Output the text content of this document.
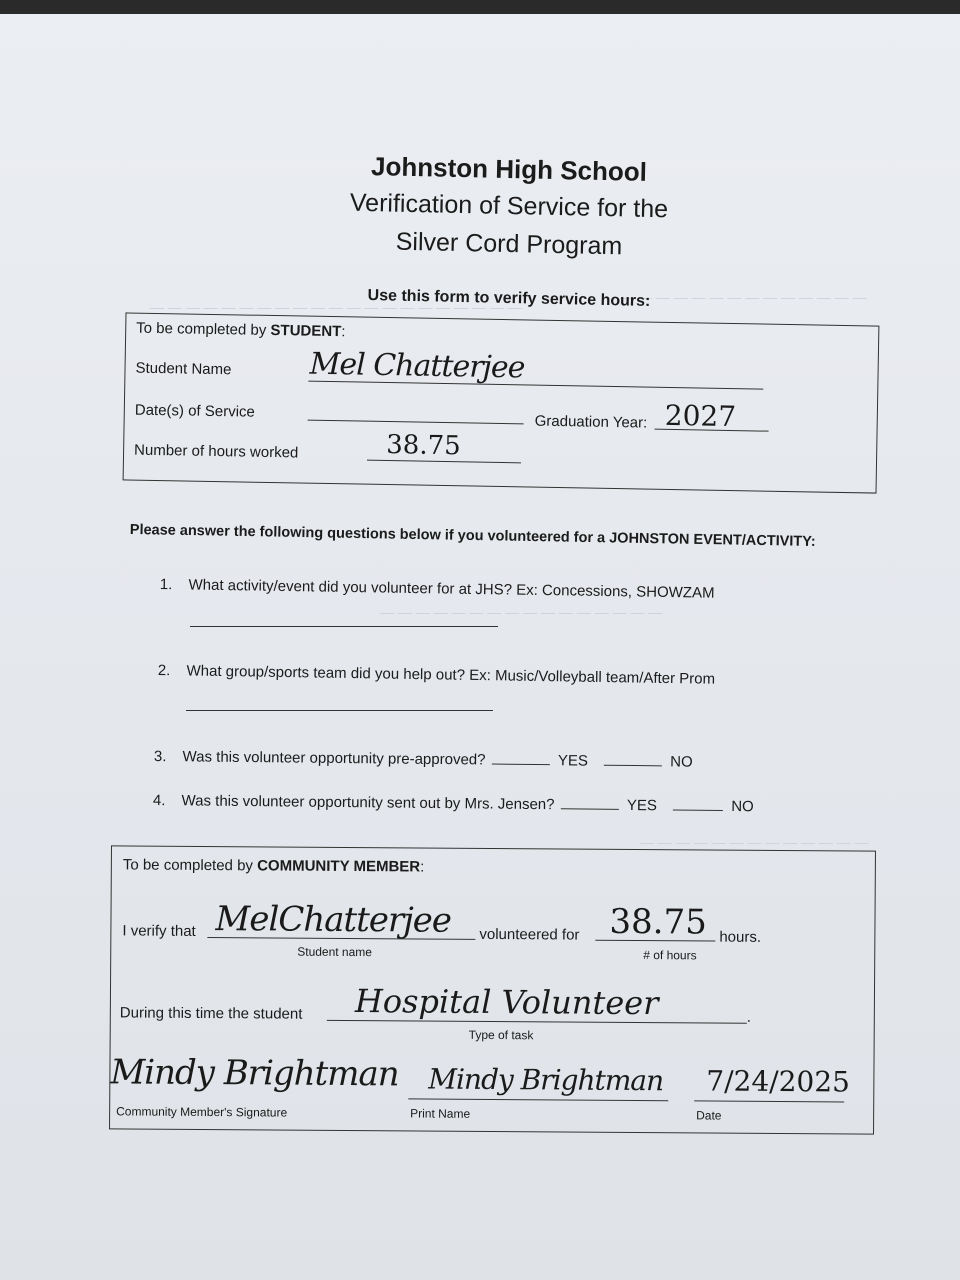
— — — — — — — — — — — — — — — — — — — — —
— — — — — — — — — — — — — —
— — — — — — — — — — — — — — — —
— — — — — — — — — — — — —
Johnston High School
Verification of Service for the
Silver Cord Program
Use this form to verify service hours:
To be completed by STUDENT:
Student Name	Mel Chatterjee
Date(s) of Service
Graduation Year: 2027
Number of hours worked	38.75
Please answer the following questions below if you volunteered for a JOHNSTON EVENT/ACTIVITY:
1. What activity/event did you volunteer for at JHS? Ex: Concessions, SHOWZAM
2. What group/sports team did you help out? Ex: Music/Volleyball team/After Prom
3. Was this volunteer opportunity pre-approved?	YES	NO
4. Was this volunteer opportunity sent out by Mrs. Jensen?	YES	NO
To be completed by COMMUNITY MEMBER:
I verify that MelChatterjee
Student name
volunteered for 38.75
# of hours
hours.
During this time the student Hospital Volunteer	.
Type of task
Mindy Brightman
Community Member's Signature
Mindy Brightman
Print Name
7/24/2025
Date
